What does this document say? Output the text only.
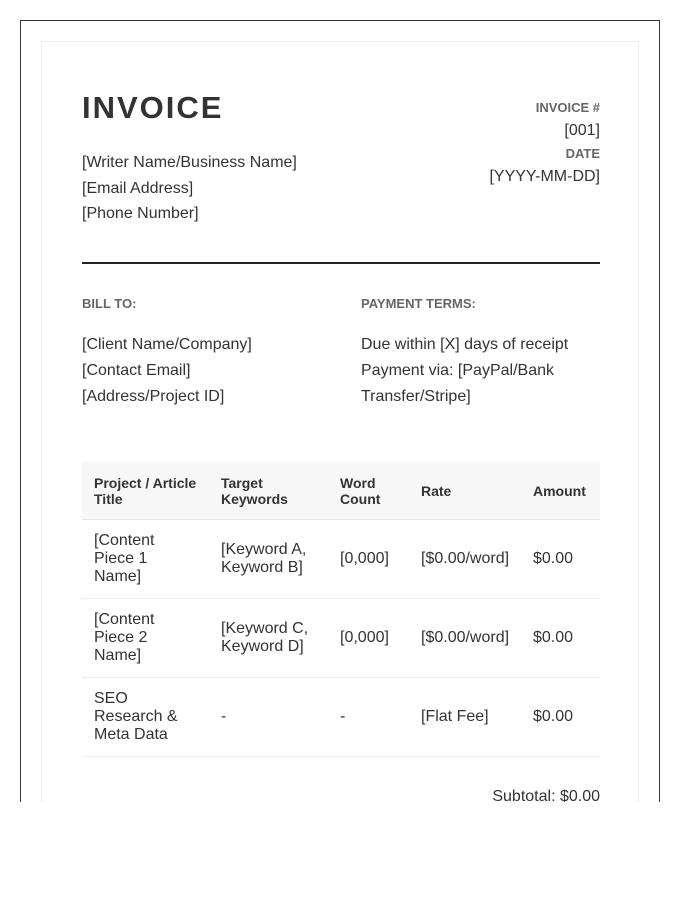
INVOICE
[Writer Name/Business Name]
[Email Address]
[Phone Number]
INVOICE #
[001]
DATE
[YYYY-MM-DD]
BILL TO:
[Client Name/Company]
[Contact Email]
[Address/Project ID]
PAYMENT TERMS:
Due within [X] days of receipt
Payment via: [PayPal/Bank
Transfer/Stripe]
Project / Article Title	Target Keywords	Word Count	Rate	Amount
[Content Piece 1 Name]	[Keyword A, Keyword B]	[0,000]	[$0.00/word]	$0.00
[Content Piece 2 Name]	[Keyword C, Keyword D]	[0,000]	[$0.00/word]	$0.00
SEO Research & Meta Data	-	-	[Flat Fee]	$0.00
Subtotal: $0.00
